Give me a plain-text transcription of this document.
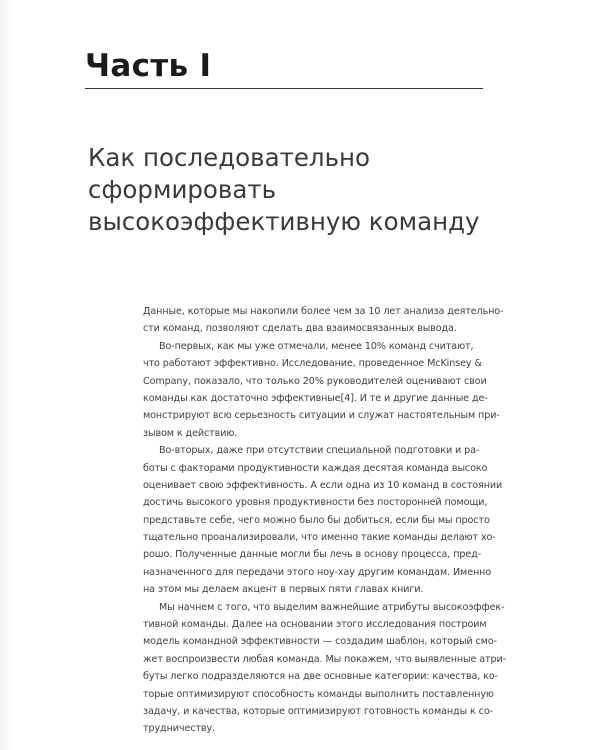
Часть I
Как последовательно
сформировать
высокоэффективную команду
Данные, которые мы накопили более чем за 10 лет анализа деятельно-
сти команд, позволяют сделать два взаимосвязанных вывода.
Во-первых, как мы уже отмечали, менее 10% команд считают,
что работают эффективно. Исследование, проведенное McKinsey &
Company, показало, что только 20% руководителей оценивают свои
команды как достаточно эффективные[4]. И те и другие данные де-
монстрируют всю серьезность ситуации и служат настоятельным при-
зывом к действию.
Во-вторых, даже при отсутствии специальной подготовки и ра-
боты с факторами продуктивности каждая десятая команда высоко
оценивает свою эффективность. А если одна из 10 команд в состоянии
достичь высокого уровня продуктивности без посторонней помощи,
представьте себе, чего можно было бы добиться, если бы мы просто
тщательно проанализировали, что именно такие команды делают хо-
рошо. Полученные данные могли бы лечь в основу процесса, пред-
назначенного для передачи этого ноу-хау другим командам. Именно
на этом мы делаем акцент в первых пяти главах книги.
Мы начнем с того, что выделим важнейшие атрибуты высокоэффек-
тивной команды. Далее на основании этого исследования построим
модель командной эффективности — создадим шаблон, который смо-
жет воспроизвести любая команда. Мы покажем, что выявленные атри-
буты легко подразделяются на две основные категории: качества, ко-
торые оптимизируют способность команды выполнить поставленную
задачу, и качества, которые оптимизируют готовность команды к со-
трудничеству.
